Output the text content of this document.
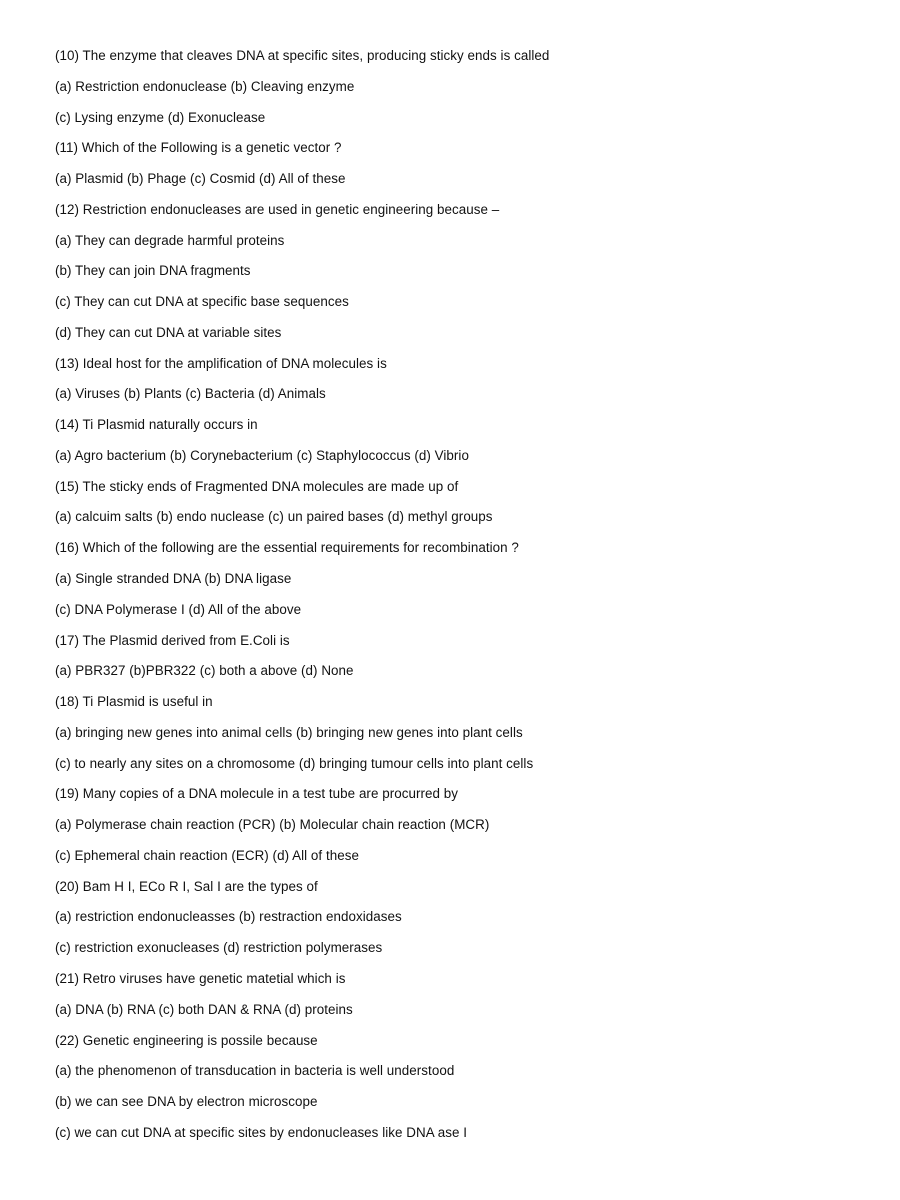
(10) The enzyme that cleaves DNA at specific sites, producing sticky ends is called
(a) Restriction endonuclease (b) Cleaving enzyme
(c) Lysing enzyme (d) Exonuclease
(11) Which of the Following is a genetic vector ?
(a) Plasmid (b) Phage (c) Cosmid (d) All of these
(12) Restriction endonucleases are used in genetic engineering because –
(a) They can degrade harmful proteins
(b) They can join DNA fragments
(c) They can cut DNA at specific base sequences
(d) They can cut DNA at variable sites
(13) Ideal host for the amplification of DNA molecules is
(a) Viruses (b) Plants (c) Bacteria (d) Animals
(14) Ti Plasmid naturally occurs in
(a) Agro bacterium (b) Corynebacterium (c) Staphylococcus (d) Vibrio
(15) The sticky ends of Fragmented DNA molecules are made up of
(a) calcuim salts (b) endo nuclease (c) un paired bases (d) methyl groups
(16) Which of the following are the essential requirements for recombination ?
(a) Single stranded DNA (b) DNA ligase
(c) DNA Polymerase I (d) All of the above
(17) The Plasmid derived from E.Coli is
(a) PBR327 (b)PBR322 (c) both a above (d) None
(18) Ti Plasmid is useful in
(a) bringing new genes into animal cells (b) bringing new genes into plant cells
(c) to nearly any sites on a chromosome (d) bringing tumour cells into plant cells
(19) Many copies of a DNA molecule in a test tube are procurred by
(a) Polymerase chain reaction (PCR) (b) Molecular chain reaction (MCR)
(c) Ephemeral chain reaction (ECR) (d) All of these
(20) Bam H I, ECo R I, Sal I are the types of
(a) restriction endonucleasses (b) restraction endoxidases
(c) restriction exonucleases (d) restriction polymerases
(21) Retro viruses have genetic matetial which is
(a) DNA (b) RNA (c) both DAN & RNA (d) proteins
(22) Genetic engineering is possile because
(a) the phenomenon of transducation in bacteria is well understood
(b) we can see DNA by electron microscope
(c) we can cut DNA at specific sites by endonucleases like DNA ase I
